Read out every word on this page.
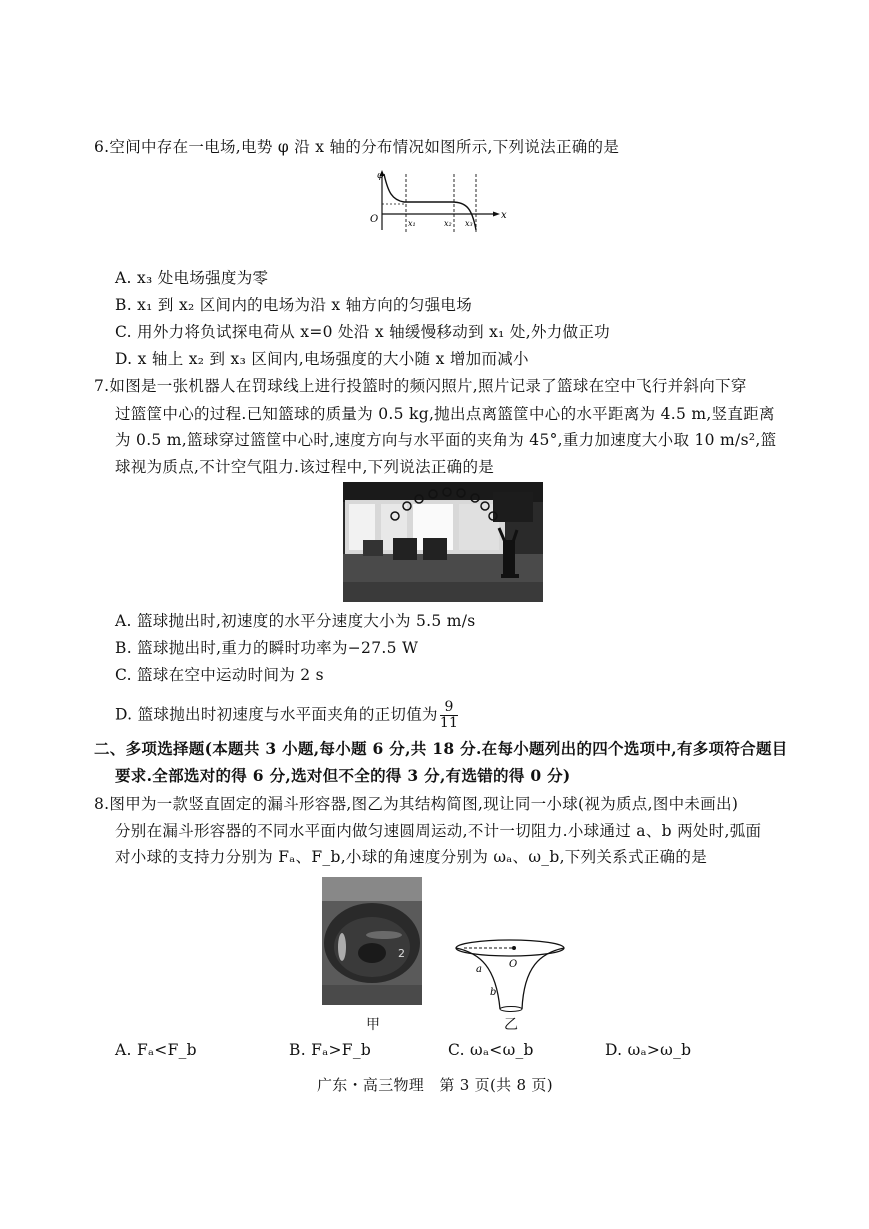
6.空间中存在一电场,电势 φ 沿 x 轴的分布情况如图所示,下列说法正确的是
φ
O	x
x₁	x₂ x₃
A. x₃ 处电场强度为零
B. x₁ 到 x₂ 区间内的电场为沿 x 轴方向的匀强电场
C. 用外力将负试探电荷从 x=0 处沿 x 轴缓慢移动到 x₁ 处,外力做正功
D. x 轴上 x₂ 到 x₃ 区间内,电场强度的大小随 x 增加而减小
7.如图是一张机器人在罚球线上进行投篮时的频闪照片,照片记录了篮球在空中飞行并斜向下穿
过篮筐中心的过程.已知篮球的质量为 0.5 kg,抛出点离篮筐中心的水平距离为 4.5 m,竖直距离
为 0.5 m,篮球穿过篮筐中心时,速度方向与水平面的夹角为 45°,重力加速度大小取 10 m/s²,篮
球视为质点,不计空气阻力.该过程中,下列说法正确的是
A. 篮球抛出时,初速度的水平分速度大小为 5.5 m/s
B. 篮球抛出时,重力的瞬时功率为−27.5 W
C. 篮球在空中运动时间为 2 s
D. 篮球抛出时初速度与水平面夹角的正切值为 $\frac{9}{11}$
二、多项选择题(本题共 3 小题,每小题 6 分,共 18 分.在每小题列出的四个选项中,有多项符合题目
要求.全部选对的得 6 分,选对但不全的得 3 分,有选错的得 0 分)
8.图甲为一款竖直固定的漏斗形容器,图乙为其结构简图,现让同一小球(视为质点,图中未画出)
分别在漏斗形容器的不同水平面内做匀速圆周运动,不计一切阻力.小球通过 a、b 两处时,弧面
对小球的支持力分别为 Fₐ、F_b,小球的角速度分别为 ωₐ、ω_b,下列关系式正确的是
2
O
a
b
甲	乙
A. Fₐ<F_b	B. Fₐ>F_b	C. ωₐ<ω_b	D. ωₐ>ω_b
广东・高三物理　第 3 页(共 8 页)
